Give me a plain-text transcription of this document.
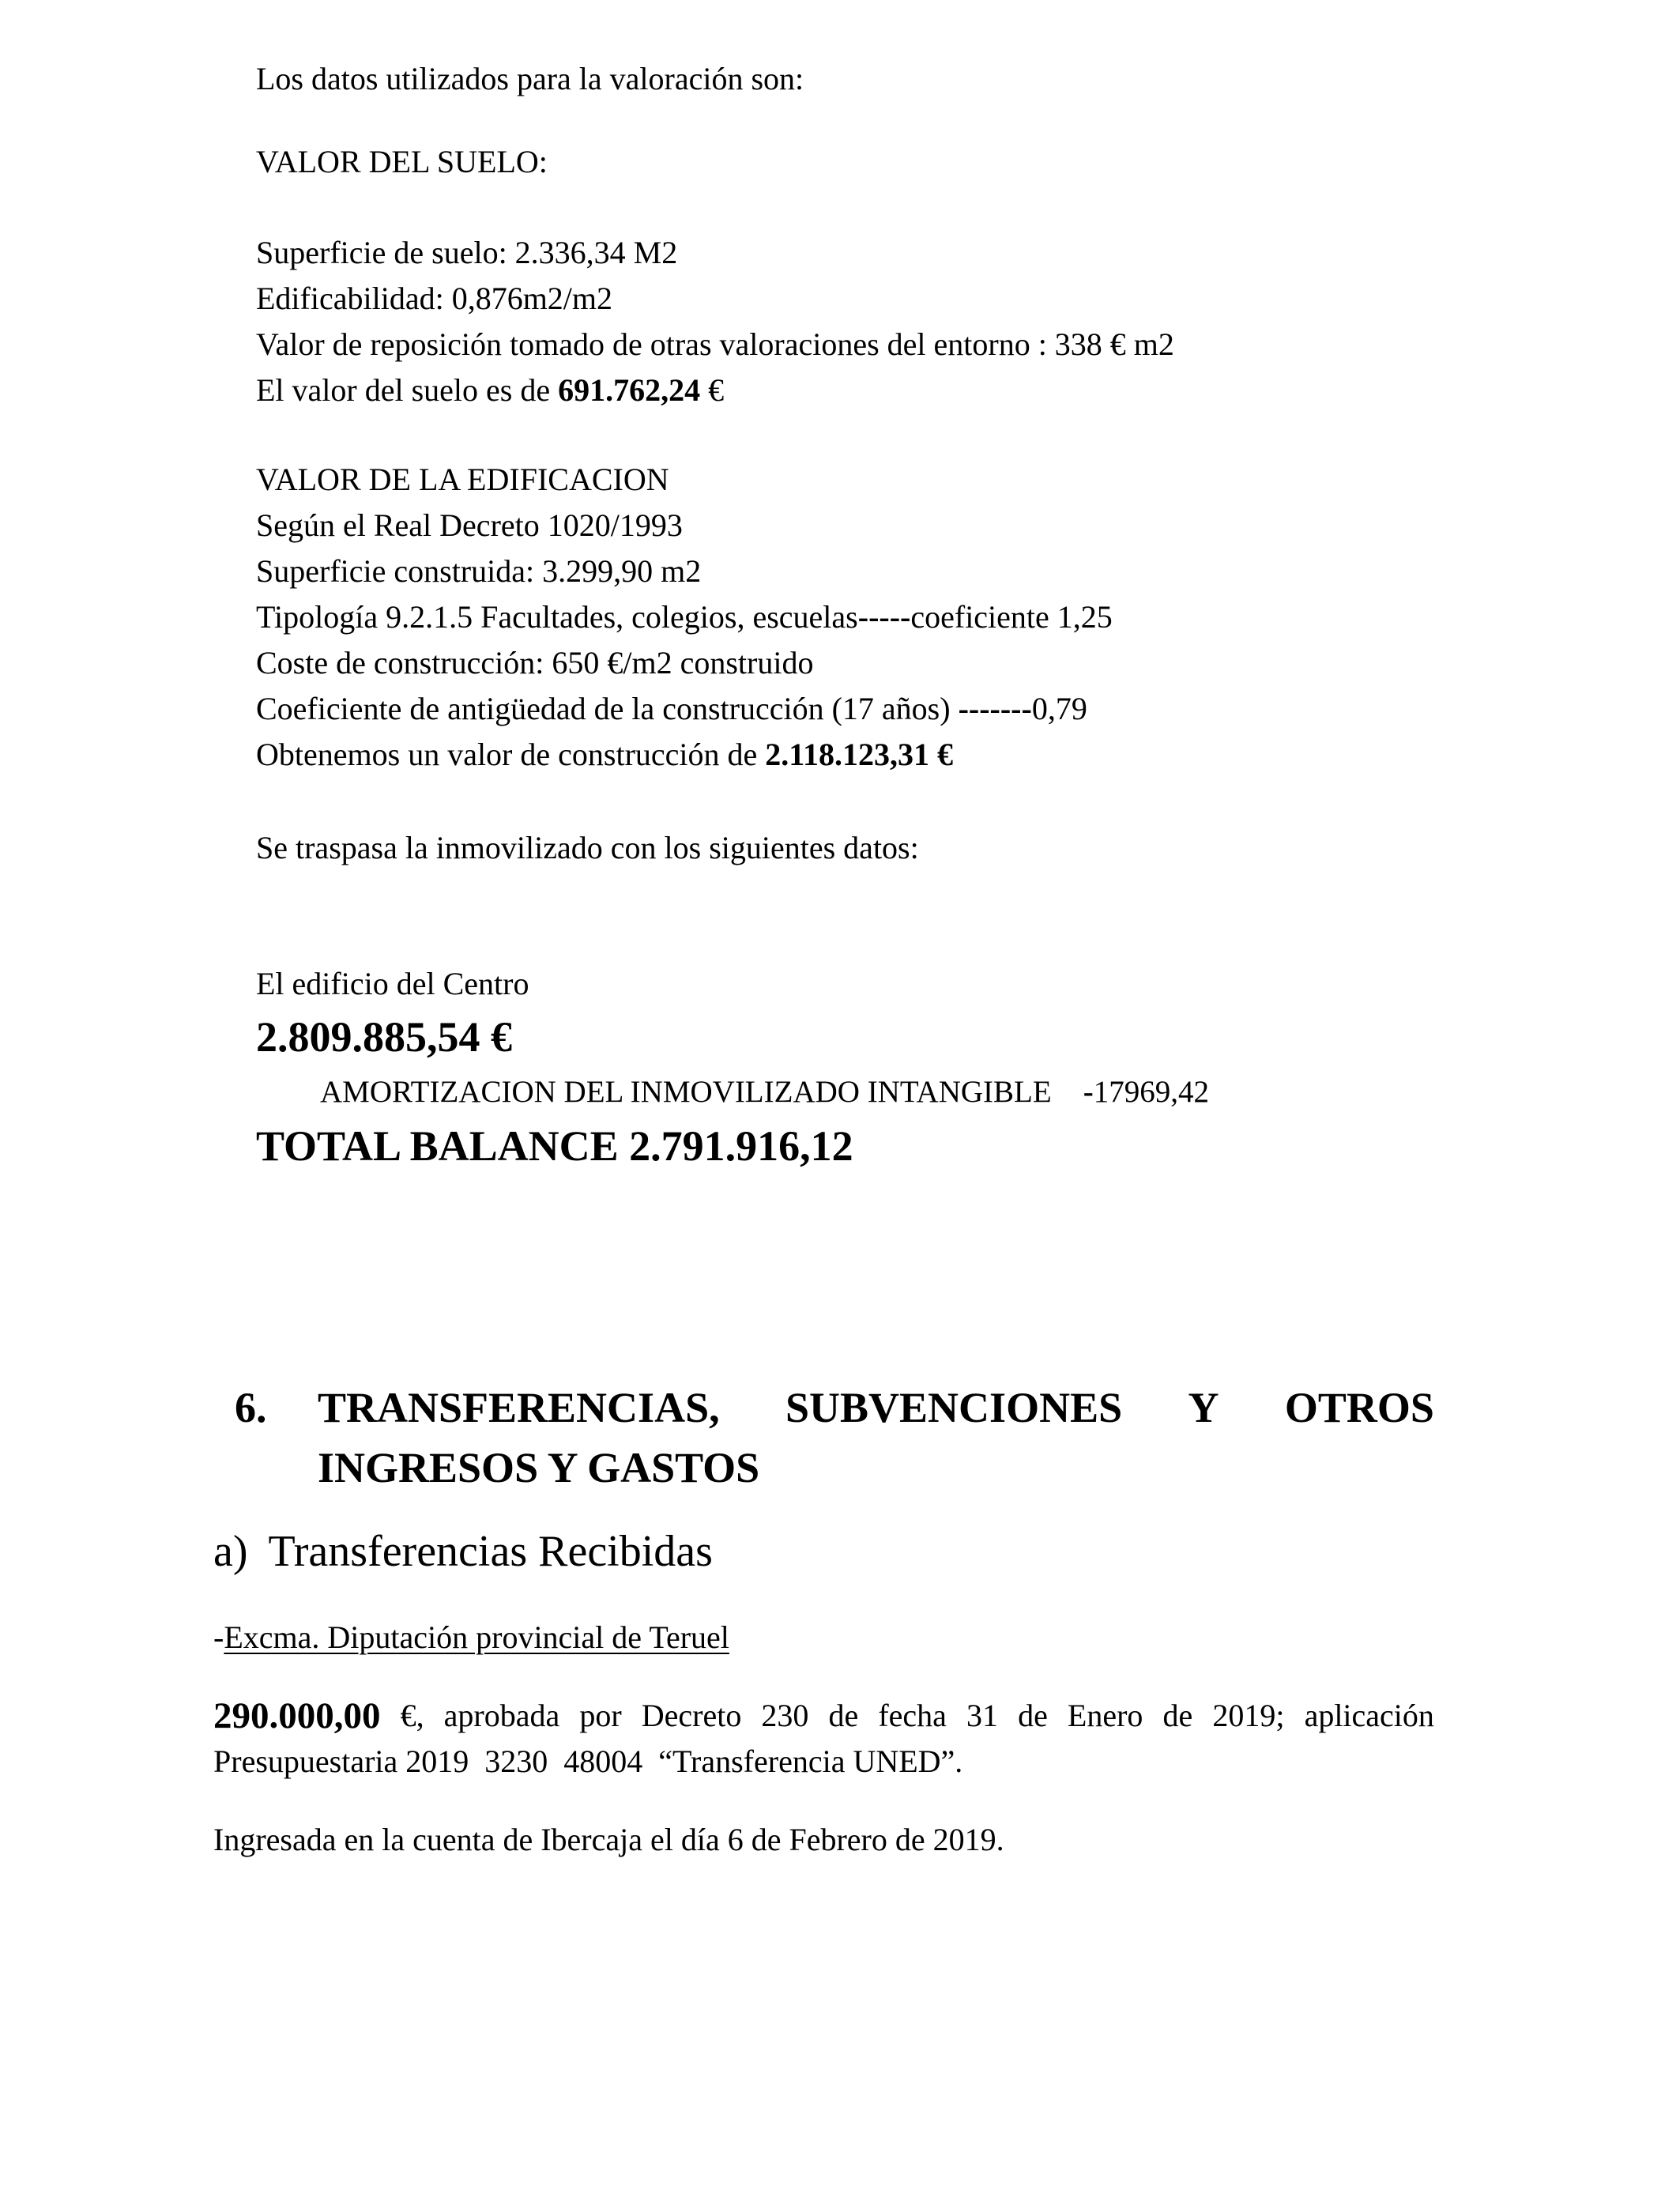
Los datos utilizados para la valoración son:

VALOR DEL SUELO:

Superficie de suelo: 2.336,34 M2

Edificabilidad: 0,876m2/m2

Valor de reposición tomado de otras valoraciones del entorno : 338 € m2

El valor del suelo es de 691.762,24 €

VALOR DE LA EDIFICACION

Según el Real Decreto 1020/1993

Superficie construida: 3.299,90 m2

Tipología 9.2.1.5 Facultades, colegios, escuelas-----coeficiente 1,25

Coste de construcción: 650 €/m2 construido

Coeficiente de antigüedad de la construcción (17 años) -------0,79

Obtenemos un valor de construcción de 2.118.123,31 €

Se traspasa la inmovilizado con los siguientes datos:

El edificio del Centro

2.809.885,54 €

AMORTIZACION DEL INMOVILIZADO INTANGIBLE -17969,42

TOTAL BALANCE 2.791.916,12

6. TRANSFERENCIAS, SUBVENCIONES Y OTROS

INGRESOS Y GASTOS

a) Transferencias Recibidas

-Excma. Diputación provincial de Teruel

290.000,00 €, aprobada por Decreto 230 de fecha 31 de Enero de 2019; aplicación
Presupuestaria 2019  3230  48004  “Transferencia UNED”.

Ingresada en la cuenta de Ibercaja el día 6 de Febrero de 2019.
